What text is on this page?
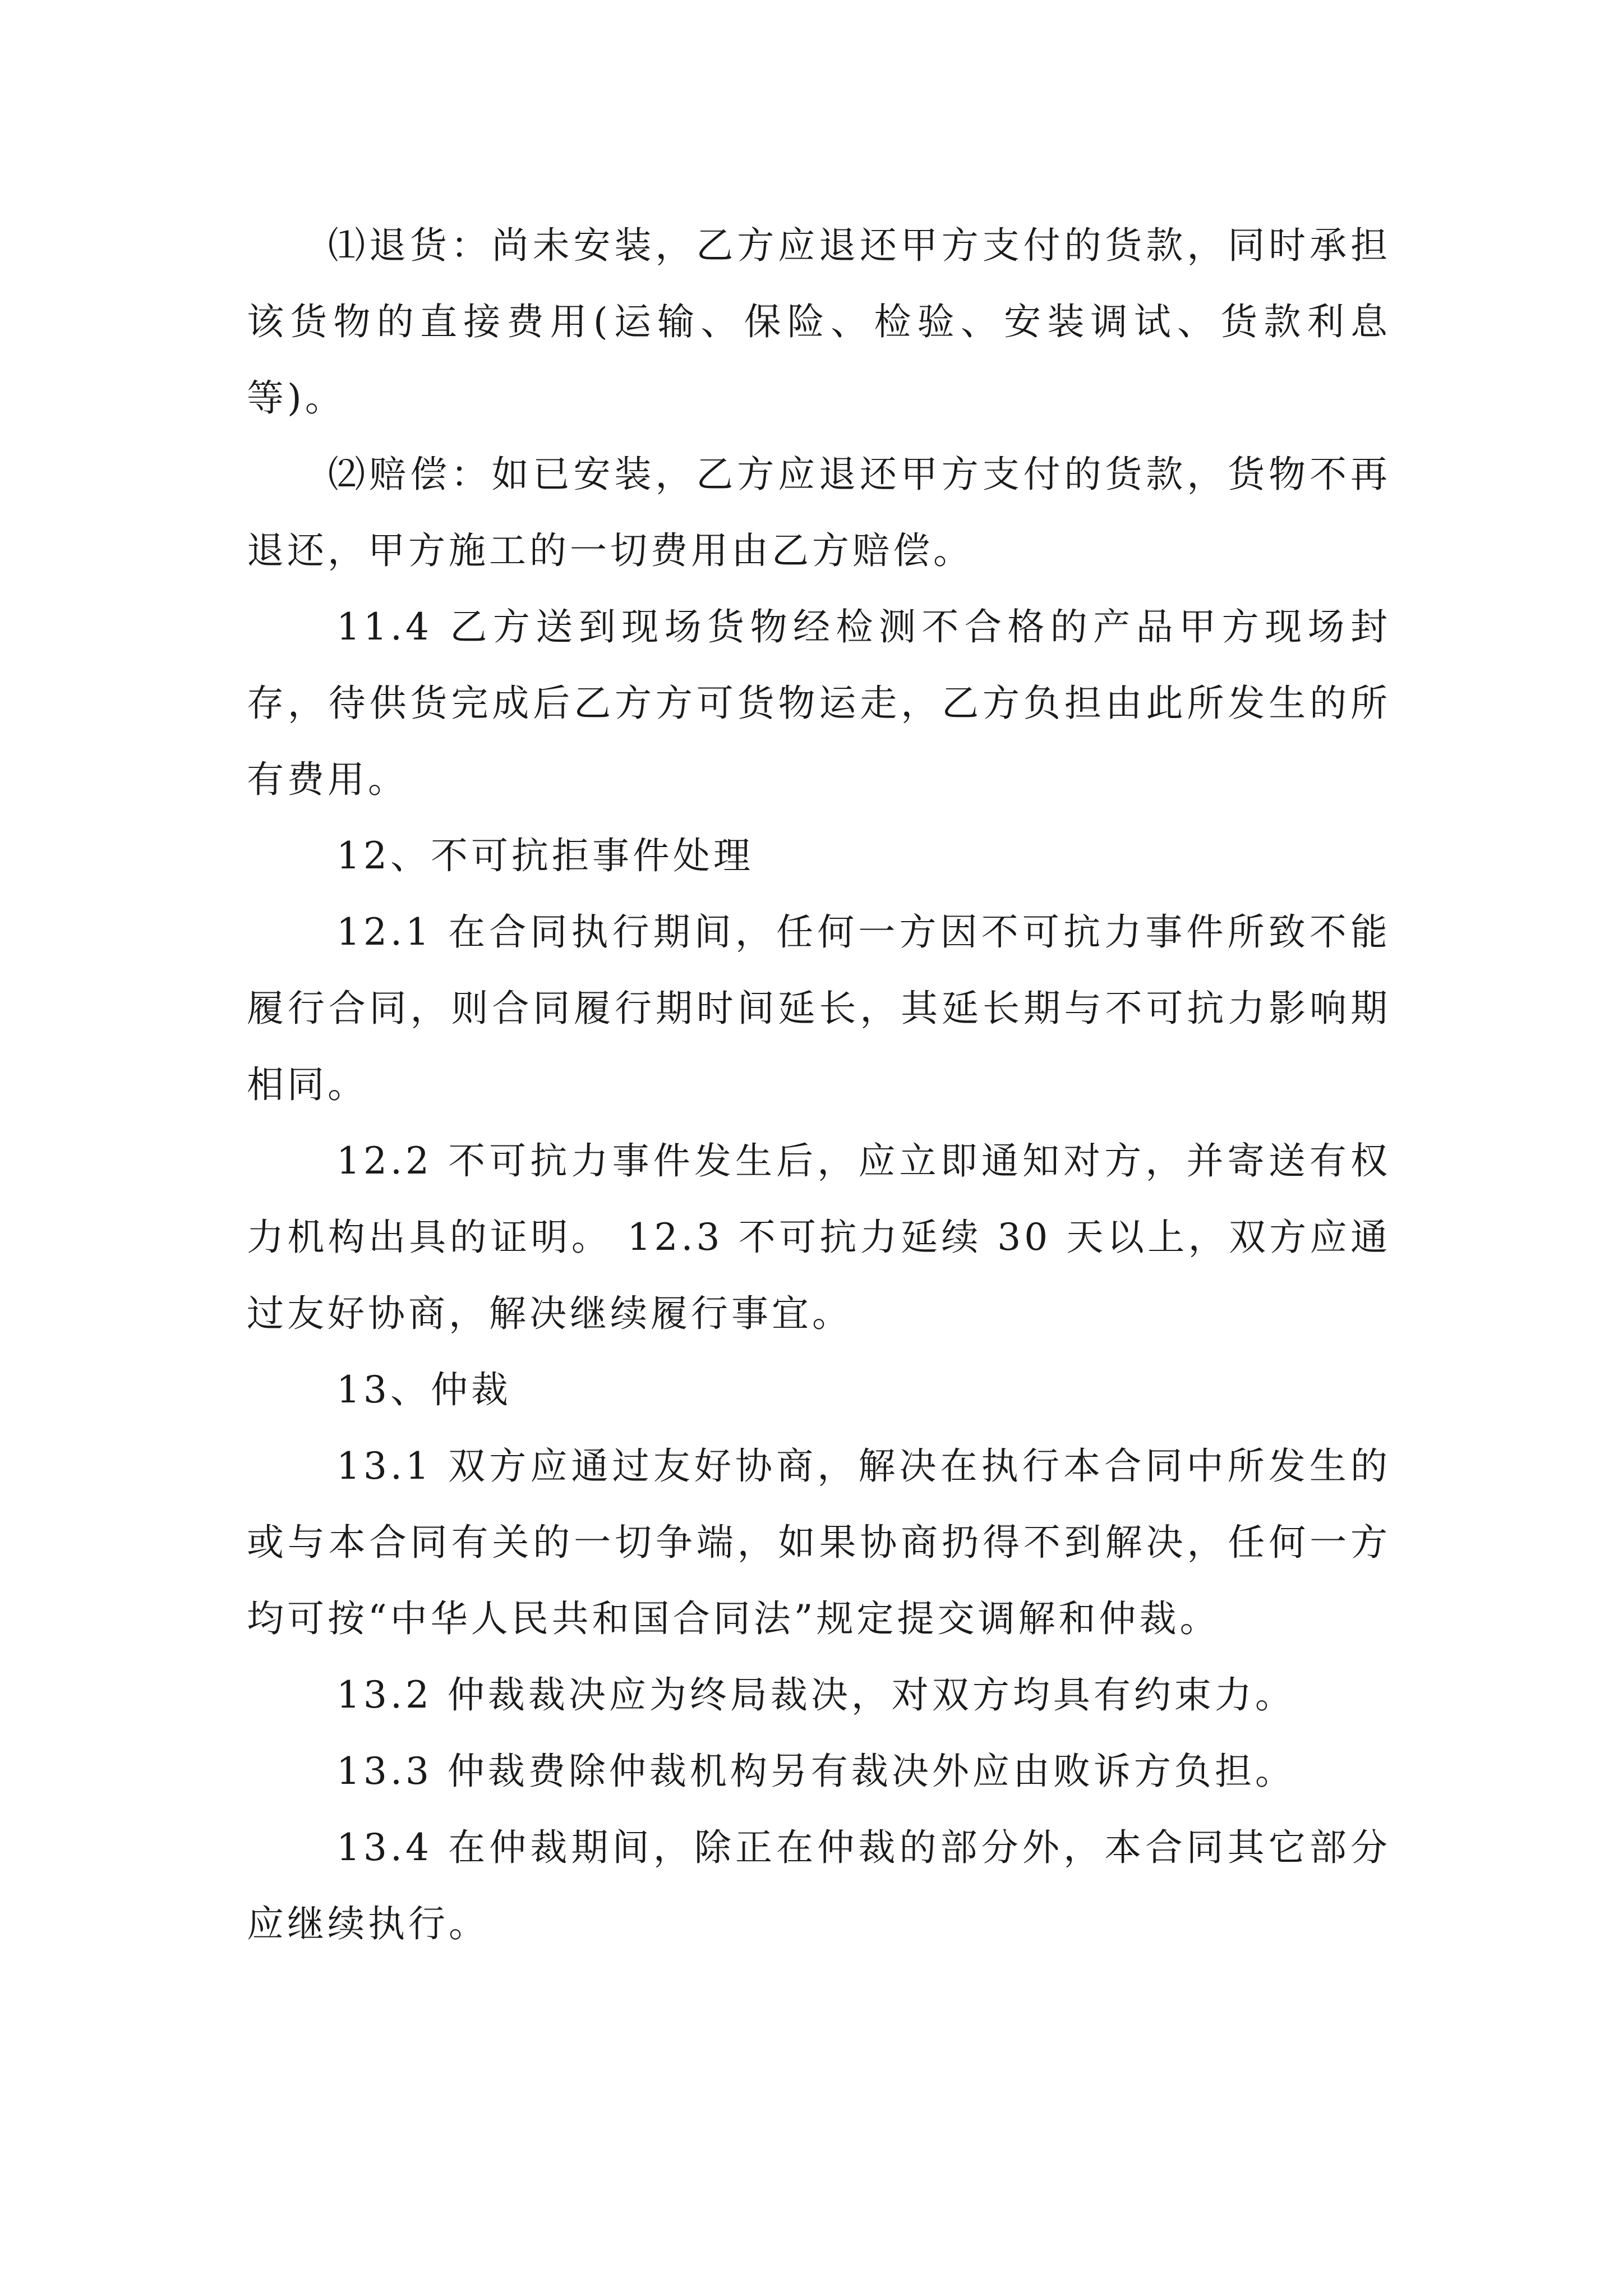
⑴退货：尚未安装，乙方应退还甲方支付的货款，同时承担该货物的直接费用(运输、保险、检验、安装调试、货款利息等)。

⑵赔偿：如已安装，乙方应退还甲方支付的货款，货物不再退还，甲方施工的一切费用由乙方赔偿。

11.4 乙方送到现场货物经检测不合格的产品甲方现场封存，待供货完成后乙方方可货物运走，乙方负担由此所发生的所有费用。

12、不可抗拒事件处理

12.1 在合同执行期间，任何一方因不可抗力事件所致不能履行合同，则合同履行期时间延长，其延长期与不可抗力影响期相同。

12.2 不可抗力事件发生后，应立即通知对方，并寄送有权力机构出具的证明。 12.3 不可抗力延续 30 天以上，双方应通过友好协商，解决继续履行事宜。

13、仲裁

13.1 双方应通过友好协商，解决在执行本合同中所发生的或与本合同有关的一切争端，如果协商扔得不到解决，任何一方均可按“中华人民共和国合同法”规定提交调解和仲裁。

13.2 仲裁裁决应为终局裁决，对双方均具有约束力。

13.3 仲裁费除仲裁机构另有裁决外应由败诉方负担。

13.4 在仲裁期间，除正在仲裁的部分外，本合同其它部分应继续执行。
